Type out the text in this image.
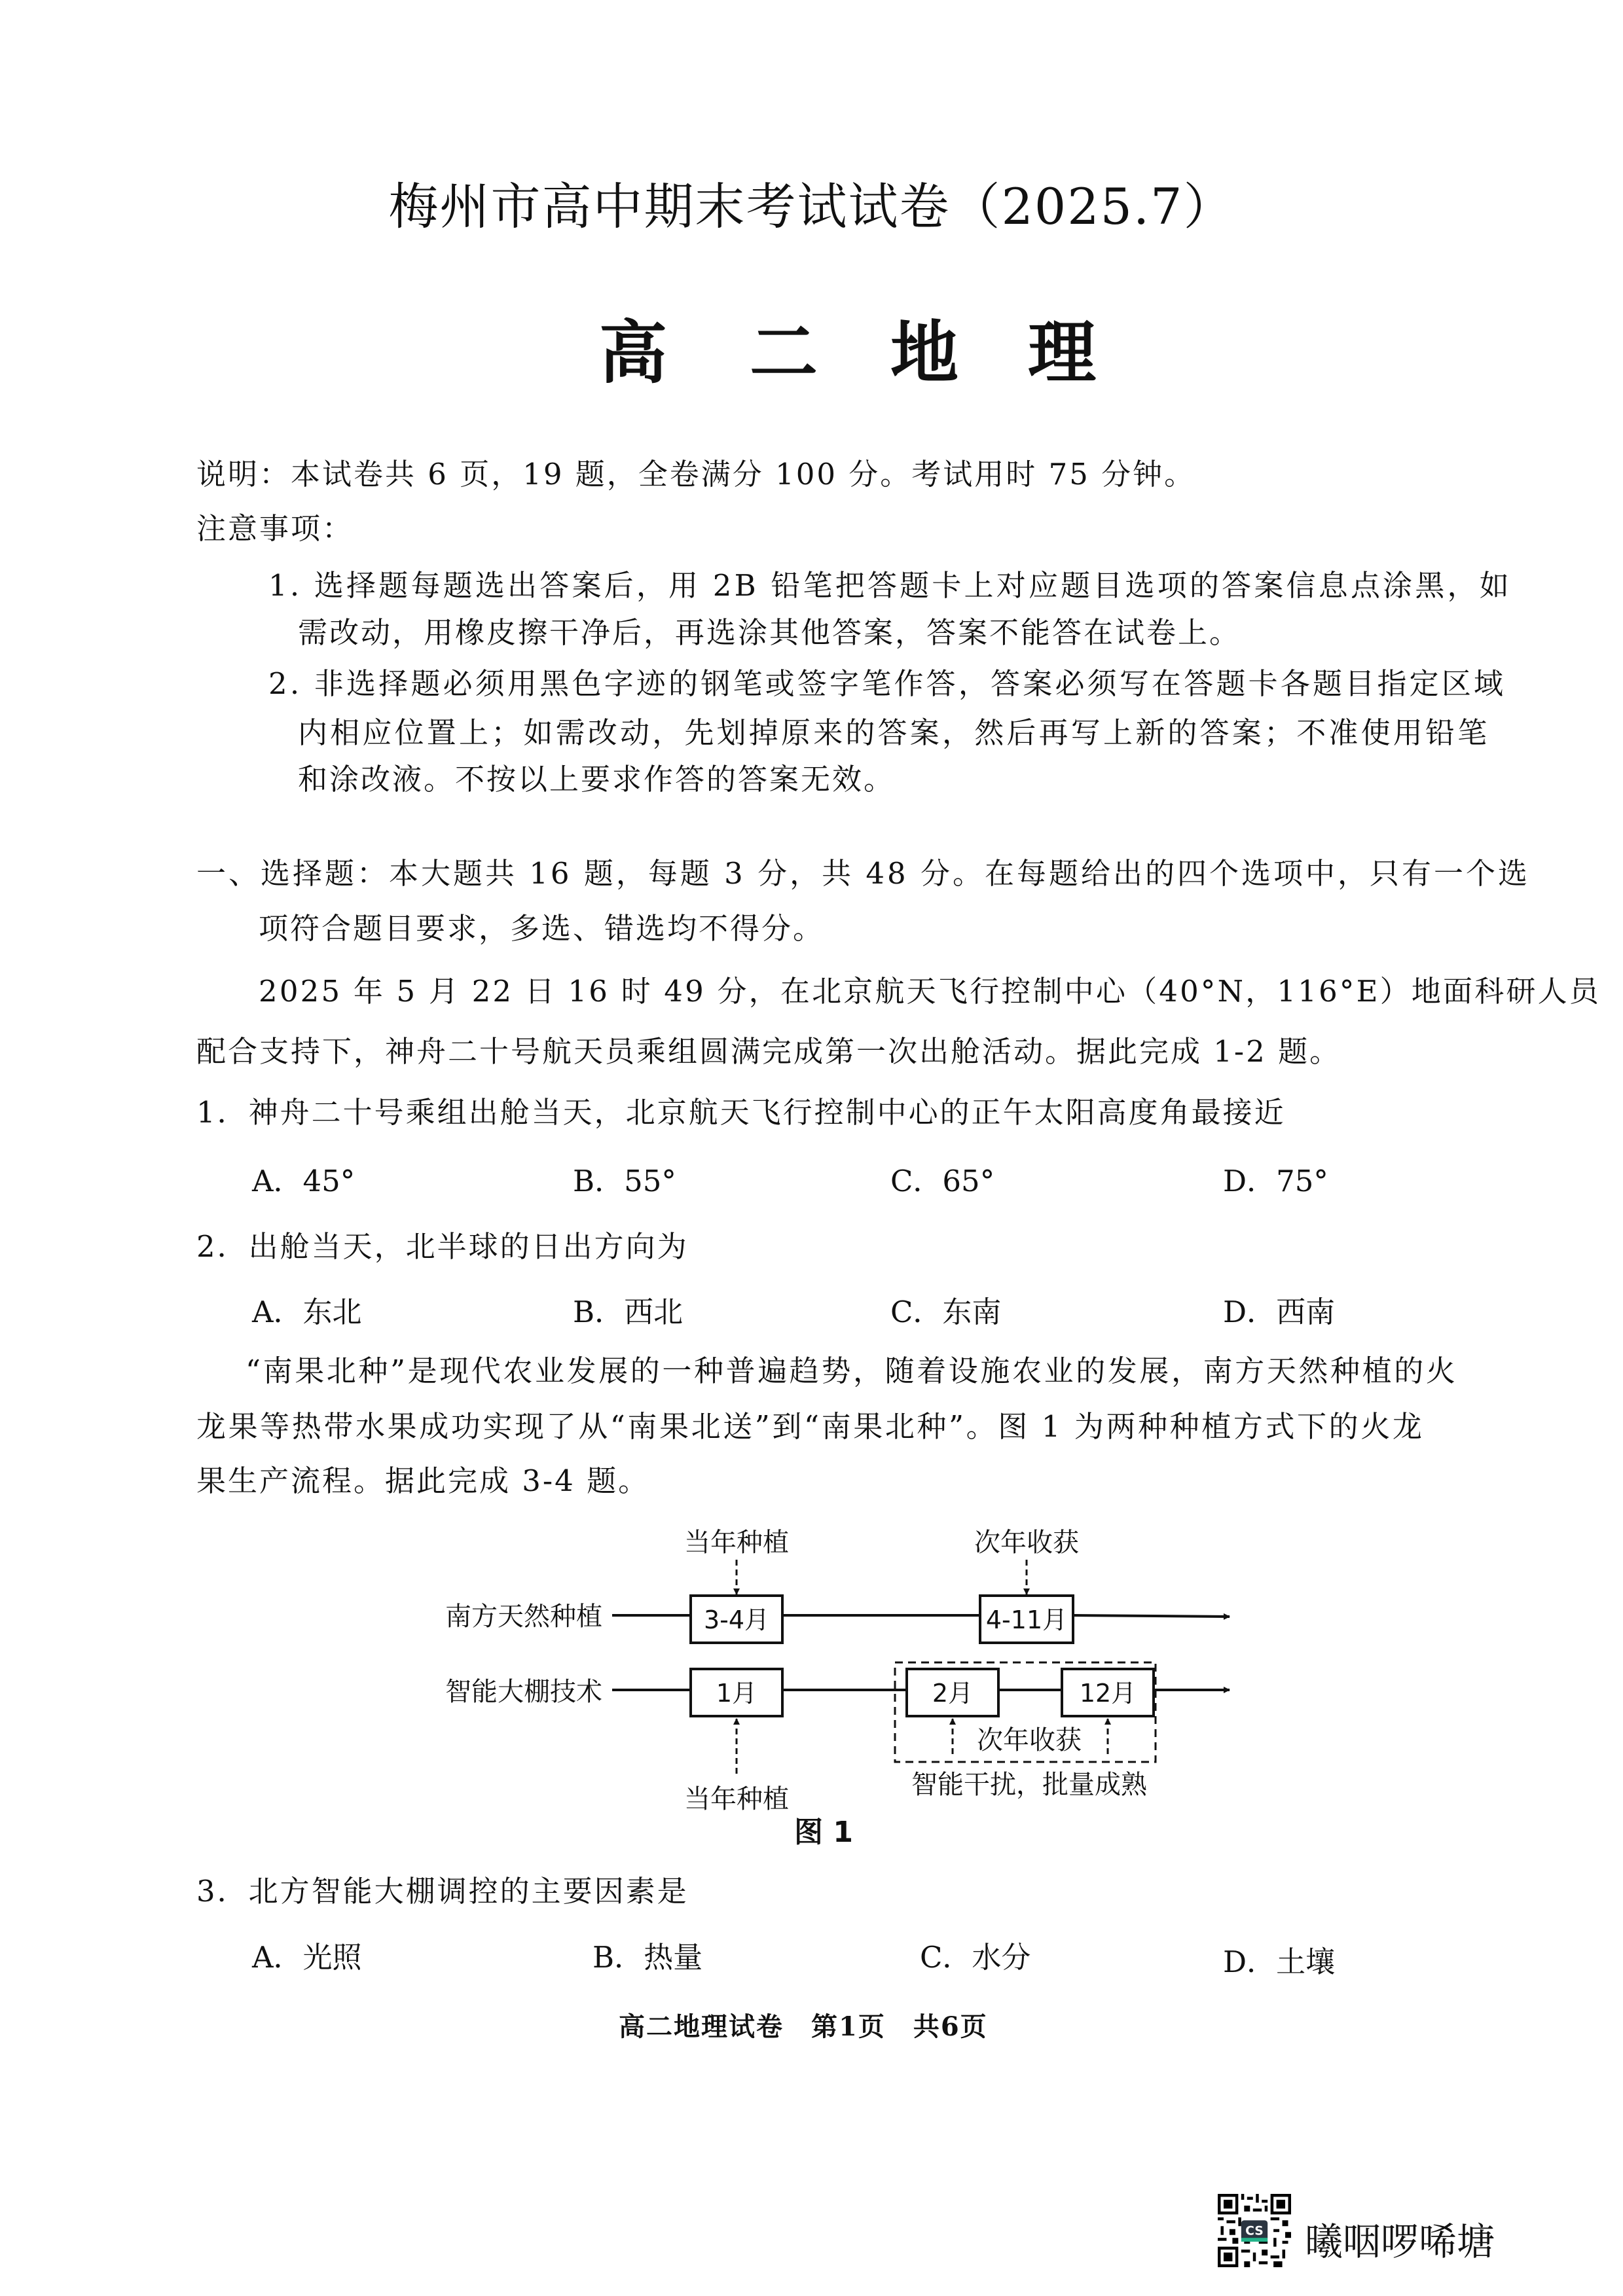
梅州市高中期末考试试卷（2025.7）
高 二 地 理
说明：本试卷共 6 页，19 题，全卷满分 100 分。考试用时 75 分钟。
注意事项：
1. 选择题每题选出答案后，用 2B 铅笔把答题卡上对应题目选项的答案信息点涂黑，如
需改动，用橡皮擦干净后，再选涂其他答案，答案不能答在试卷上。
2. 非选择题必须用黑色字迹的钢笔或签字笔作答，答案必须写在答题卡各题目指定区域
内相应位置上；如需改动，先划掉原来的答案，然后再写上新的答案；不准使用铅笔
和涂改液。不按以上要求作答的答案无效。
一、选择题：本大题共 16 题，每题 3 分，共 48 分。在每题给出的四个选项中，只有一个选
项符合题目要求，多选、错选均不得分。
2025 年 5 月 22 日 16 时 49 分，在北京航天飞行控制中心（40°N，116°E）地面科研人员
配合支持下，神舟二十号航天员乘组圆满完成第一次出舱活动。据此完成 1-2 题。
1．神舟二十号乘组出舱当天，北京航天飞行控制中心的正午太阳高度角最接近
A．45°	B．55°	C．65°	D．75°
2．出舱当天，北半球的日出方向为
A．东北	B．西北	C．东南	D．西南
“南果北种”是现代农业发展的一种普遍趋势，随着设施农业的发展，南方天然种植的火
龙果等热带水果成功实现了从“南果北送”到“南果北种”。图 1 为两种种植方式下的火龙
果生产流程。据此完成 3-4 题。
南方天然种植	3-4月	4-11月
当年种植	次年收获
智能大棚技术	1月	2月	12月
当年种植
次年收获
智能干扰，批量成熟
图 1
3．北方智能大棚调控的主要因素是
A．光照	B．热量	C．水分	D．土壤
高二地理试卷　第1页　共6页
CS 曦咽啰唏塘
